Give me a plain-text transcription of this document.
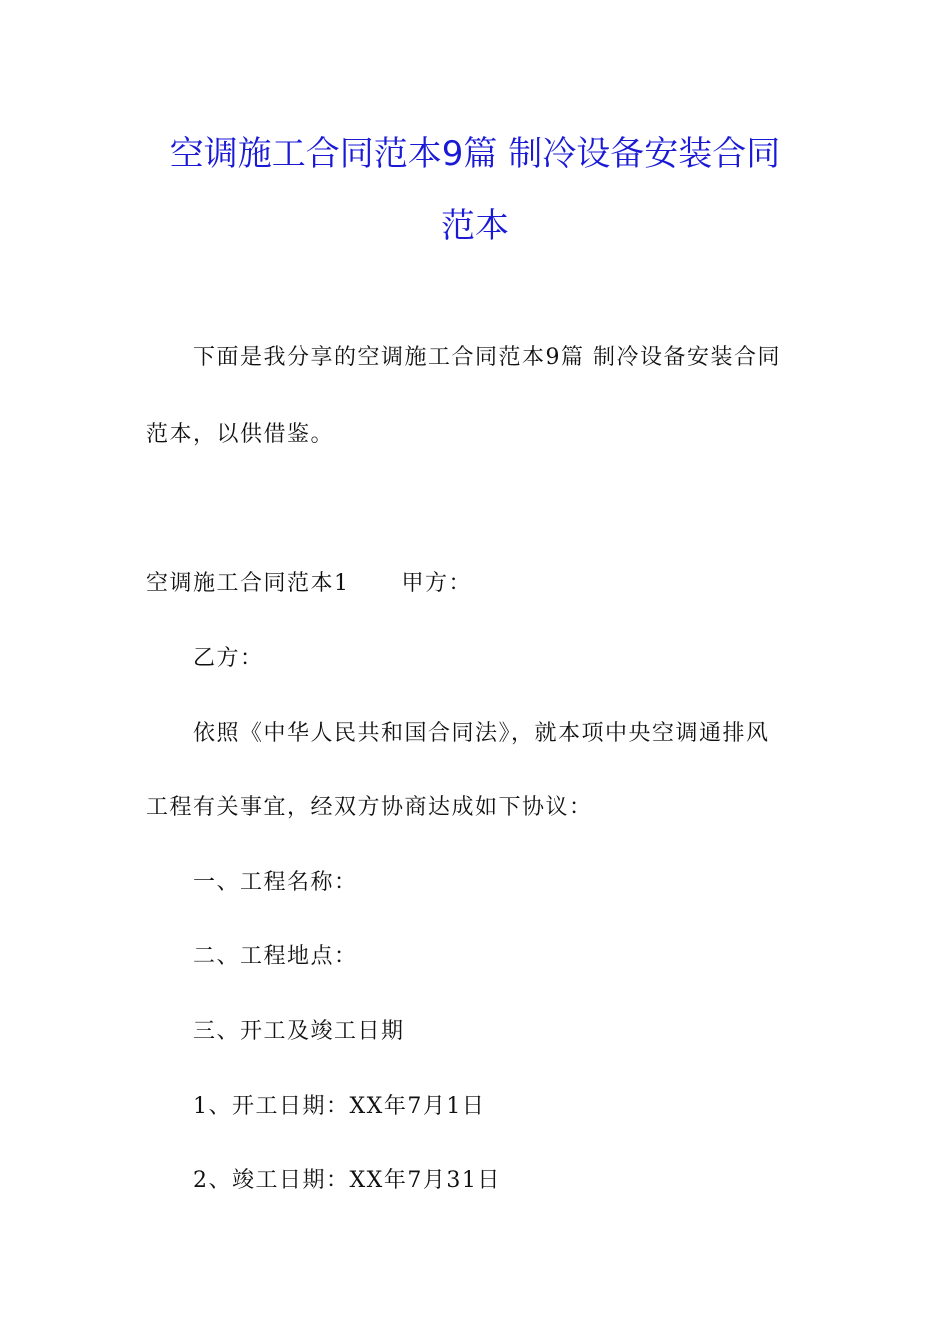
空调施工合同范本9篇 制冷设备安装合同
范本
下面是我分享的空调施工合同范本9篇 制冷设备安装合同
范本，以供借鉴。
空调施工合同范本1 甲方：
乙方：
依照《中华人民共和国合同法》，就本项中央空调通排风
工程有关事宜，经双方协商达成如下协议：
一、工程名称：
二、工程地点：
三、开工及竣工日期
1、开工日期：XX年7月1日
2、竣工日期：XX年7月31日
